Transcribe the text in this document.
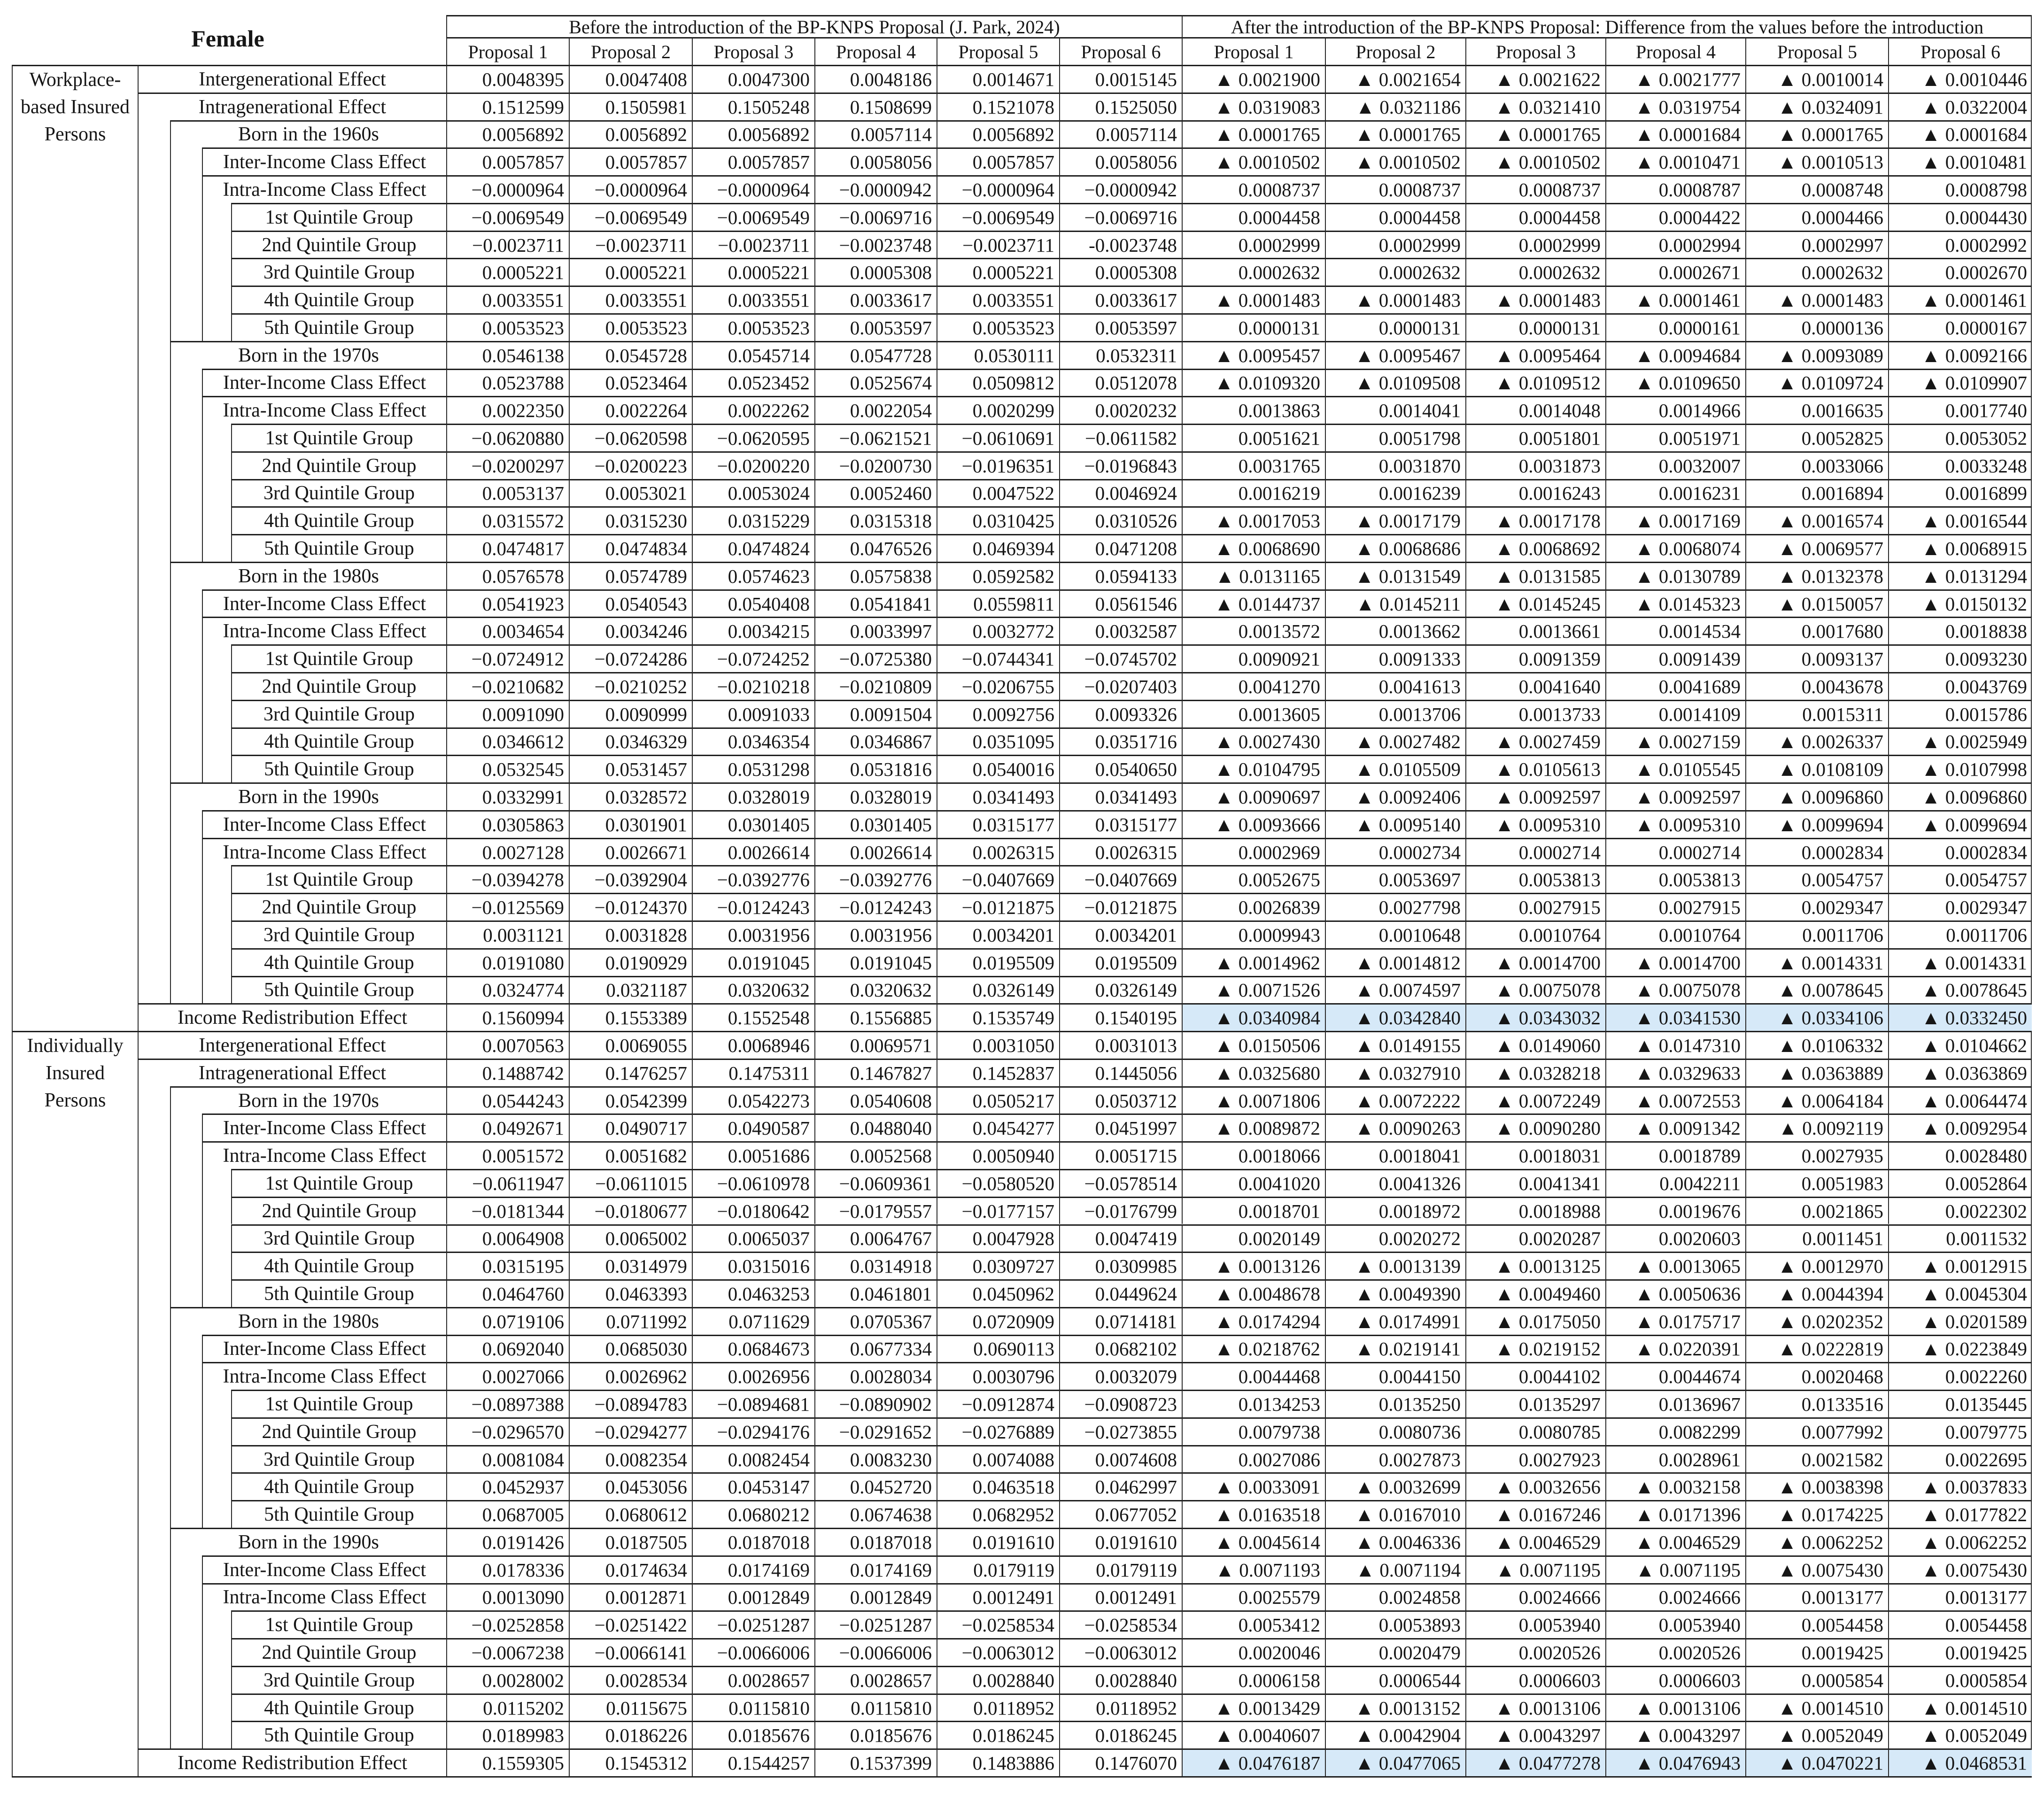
Female	Before the introduction of the BP-KNPS Proposal (J. Park, 2024)	After the introduction of the BP-KNPS Proposal: Difference from the values before the introduction
Proposal 1	Proposal 2	Proposal 3	Proposal 4	Proposal 5	Proposal 6	Proposal 1	Proposal 2	Proposal 3	Proposal 4	Proposal 5	Proposal 6
Workplace-
based Insured
Persons
Intergenerational Effect	0.0048395	0.0047408	0.0047300	0.0048186	0.0014671	0.0015145	▲ 0.0021900	▲ 0.0021654	▲ 0.0021622	▲ 0.0021777	▲ 0.0010014	▲ 0.0010446
Intragenerational Effect	0.1512599	0.1505981	0.1505248	0.1508699	0.1521078	0.1525050	▲ 0.0319083	▲ 0.0321186	▲ 0.0321410	▲ 0.0319754	▲ 0.0324091	▲ 0.0322004
Born in the 1960s	0.0056892	0.0056892	0.0056892	0.0057114	0.0056892	0.0057114	▲ 0.0001765	▲ 0.0001765	▲ 0.0001765	▲ 0.0001684	▲ 0.0001765	▲ 0.0001684
Inter-Income Class Effect	0.0057857	0.0057857	0.0057857	0.0058056	0.0057857	0.0058056	▲ 0.0010502	▲ 0.0010502	▲ 0.0010502	▲ 0.0010471	▲ 0.0010513	▲ 0.0010481
Intra-Income Class Effect	−0.0000964	−0.0000964	−0.0000964	−0.0000942	−0.0000964	−0.0000942	0.0008737	0.0008737	0.0008737	0.0008787	0.0008748	0.0008798
1st Quintile Group	−0.0069549	−0.0069549	−0.0069549	−0.0069716	−0.0069549	−0.0069716	0.0004458	0.0004458	0.0004458	0.0004422	0.0004466	0.0004430
2nd Quintile Group	−0.0023711	−0.0023711	−0.0023711	−0.0023748	−0.0023711	-0.0023748	0.0002999	0.0002999	0.0002999	0.0002994	0.0002997	0.0002992
3rd Quintile Group	0.0005221	0.0005221	0.0005221	0.0005308	0.0005221	0.0005308	0.0002632	0.0002632	0.0002632	0.0002671	0.0002632	0.0002670
4th Quintile Group	0.0033551	0.0033551	0.0033551	0.0033617	0.0033551	0.0033617	▲ 0.0001483	▲ 0.0001483	▲ 0.0001483	▲ 0.0001461	▲ 0.0001483	▲ 0.0001461
5th Quintile Group	0.0053523	0.0053523	0.0053523	0.0053597	0.0053523	0.0053597	0.0000131	0.0000131	0.0000131	0.0000161	0.0000136	0.0000167
Born in the 1970s	0.0546138	0.0545728	0.0545714	0.0547728	0.0530111	0.0532311	▲ 0.0095457	▲ 0.0095467	▲ 0.0095464	▲ 0.0094684	▲ 0.0093089	▲ 0.0092166
Inter-Income Class Effect	0.0523788	0.0523464	0.0523452	0.0525674	0.0509812	0.0512078	▲ 0.0109320	▲ 0.0109508	▲ 0.0109512	▲ 0.0109650	▲ 0.0109724	▲ 0.0109907
Intra-Income Class Effect	0.0022350	0.0022264	0.0022262	0.0022054	0.0020299	0.0020232	0.0013863	0.0014041	0.0014048	0.0014966	0.0016635	0.0017740
1st Quintile Group	−0.0620880	−0.0620598	−0.0620595	−0.0621521	−0.0610691	−0.0611582	0.0051621	0.0051798	0.0051801	0.0051971	0.0052825	0.0053052
2nd Quintile Group	−0.0200297	−0.0200223	−0.0200220	−0.0200730	−0.0196351	−0.0196843	0.0031765	0.0031870	0.0031873	0.0032007	0.0033066	0.0033248
3rd Quintile Group	0.0053137	0.0053021	0.0053024	0.0052460	0.0047522	0.0046924	0.0016219	0.0016239	0.0016243	0.0016231	0.0016894	0.0016899
4th Quintile Group	0.0315572	0.0315230	0.0315229	0.0315318	0.0310425	0.0310526	▲ 0.0017053	▲ 0.0017179	▲ 0.0017178	▲ 0.0017169	▲ 0.0016574	▲ 0.0016544
5th Quintile Group	0.0474817	0.0474834	0.0474824	0.0476526	0.0469394	0.0471208	▲ 0.0068690	▲ 0.0068686	▲ 0.0068692	▲ 0.0068074	▲ 0.0069577	▲ 0.0068915
Born in the 1980s	0.0576578	0.0574789	0.0574623	0.0575838	0.0592582	0.0594133	▲ 0.0131165	▲ 0.0131549	▲ 0.0131585	▲ 0.0130789	▲ 0.0132378	▲ 0.0131294
Inter-Income Class Effect	0.0541923	0.0540543	0.0540408	0.0541841	0.0559811	0.0561546	▲ 0.0144737	▲ 0.0145211	▲ 0.0145245	▲ 0.0145323	▲ 0.0150057	▲ 0.0150132
Intra-Income Class Effect	0.0034654	0.0034246	0.0034215	0.0033997	0.0032772	0.0032587	0.0013572	0.0013662	0.0013661	0.0014534	0.0017680	0.0018838
1st Quintile Group	−0.0724912	−0.0724286	−0.0724252	−0.0725380	−0.0744341	−0.0745702	0.0090921	0.0091333	0.0091359	0.0091439	0.0093137	0.0093230
2nd Quintile Group	−0.0210682	−0.0210252	−0.0210218	−0.0210809	−0.0206755	−0.0207403	0.0041270	0.0041613	0.0041640	0.0041689	0.0043678	0.0043769
3rd Quintile Group	0.0091090	0.0090999	0.0091033	0.0091504	0.0092756	0.0093326	0.0013605	0.0013706	0.0013733	0.0014109	0.0015311	0.0015786
4th Quintile Group	0.0346612	0.0346329	0.0346354	0.0346867	0.0351095	0.0351716	▲ 0.0027430	▲ 0.0027482	▲ 0.0027459	▲ 0.0027159	▲ 0.0026337	▲ 0.0025949
5th Quintile Group	0.0532545	0.0531457	0.0531298	0.0531816	0.0540016	0.0540650	▲ 0.0104795	▲ 0.0105509	▲ 0.0105613	▲ 0.0105545	▲ 0.0108109	▲ 0.0107998
Born in the 1990s	0.0332991	0.0328572	0.0328019	0.0328019	0.0341493	0.0341493	▲ 0.0090697	▲ 0.0092406	▲ 0.0092597	▲ 0.0092597	▲ 0.0096860	▲ 0.0096860
Inter-Income Class Effect	0.0305863	0.0301901	0.0301405	0.0301405	0.0315177	0.0315177	▲ 0.0093666	▲ 0.0095140	▲ 0.0095310	▲ 0.0095310	▲ 0.0099694	▲ 0.0099694
Intra-Income Class Effect	0.0027128	0.0026671	0.0026614	0.0026614	0.0026315	0.0026315	0.0002969	0.0002734	0.0002714	0.0002714	0.0002834	0.0002834
1st Quintile Group	−0.0394278	−0.0392904	−0.0392776	−0.0392776	−0.0407669	−0.0407669	0.0052675	0.0053697	0.0053813	0.0053813	0.0054757	0.0054757
2nd Quintile Group	−0.0125569	−0.0124370	−0.0124243	−0.0124243	−0.0121875	−0.0121875	0.0026839	0.0027798	0.0027915	0.0027915	0.0029347	0.0029347
3rd Quintile Group	0.0031121	0.0031828	0.0031956	0.0031956	0.0034201	0.0034201	0.0009943	0.0010648	0.0010764	0.0010764	0.0011706	0.0011706
4th Quintile Group	0.0191080	0.0190929	0.0191045	0.0191045	0.0195509	0.0195509	▲ 0.0014962	▲ 0.0014812	▲ 0.0014700	▲ 0.0014700	▲ 0.0014331	▲ 0.0014331
5th Quintile Group	0.0324774	0.0321187	0.0320632	0.0320632	0.0326149	0.0326149	▲ 0.0071526	▲ 0.0074597	▲ 0.0075078	▲ 0.0075078	▲ 0.0078645	▲ 0.0078645
Income Redistribution Effect	0.1560994	0.1553389	0.1552548	0.1556885	0.1535749	0.1540195	▲ 0.0340984	▲ 0.0342840	▲ 0.0343032	▲ 0.0341530	▲ 0.0334106	▲ 0.0332450
Individually
Insured
Persons
Intergenerational Effect	0.0070563	0.0069055	0.0068946	0.0069571	0.0031050	0.0031013	▲ 0.0150506	▲ 0.0149155	▲ 0.0149060	▲ 0.0147310	▲ 0.0106332	▲ 0.0104662
Intragenerational Effect	0.1488742	0.1476257	0.1475311	0.1467827	0.1452837	0.1445056	▲ 0.0325680	▲ 0.0327910	▲ 0.0328218	▲ 0.0329633	▲ 0.0363889	▲ 0.0363869
Born in the 1970s	0.0544243	0.0542399	0.0542273	0.0540608	0.0505217	0.0503712	▲ 0.0071806	▲ 0.0072222	▲ 0.0072249	▲ 0.0072553	▲ 0.0064184	▲ 0.0064474
Inter-Income Class Effect	0.0492671	0.0490717	0.0490587	0.0488040	0.0454277	0.0451997	▲ 0.0089872	▲ 0.0090263	▲ 0.0090280	▲ 0.0091342	▲ 0.0092119	▲ 0.0092954
Intra-Income Class Effect	0.0051572	0.0051682	0.0051686	0.0052568	0.0050940	0.0051715	0.0018066	0.0018041	0.0018031	0.0018789	0.0027935	0.0028480
1st Quintile Group	−0.0611947	−0.0611015	−0.0610978	−0.0609361	−0.0580520	−0.0578514	0.0041020	0.0041326	0.0041341	0.0042211	0.0051983	0.0052864
2nd Quintile Group	−0.0181344	−0.0180677	−0.0180642	−0.0179557	−0.0177157	−0.0176799	0.0018701	0.0018972	0.0018988	0.0019676	0.0021865	0.0022302
3rd Quintile Group	0.0064908	0.0065002	0.0065037	0.0064767	0.0047928	0.0047419	0.0020149	0.0020272	0.0020287	0.0020603	0.0011451	0.0011532
4th Quintile Group	0.0315195	0.0314979	0.0315016	0.0314918	0.0309727	0.0309985	▲ 0.0013126	▲ 0.0013139	▲ 0.0013125	▲ 0.0013065	▲ 0.0012970	▲ 0.0012915
5th Quintile Group	0.0464760	0.0463393	0.0463253	0.0461801	0.0450962	0.0449624	▲ 0.0048678	▲ 0.0049390	▲ 0.0049460	▲ 0.0050636	▲ 0.0044394	▲ 0.0045304
Born in the 1980s	0.0719106	0.0711992	0.0711629	0.0705367	0.0720909	0.0714181	▲ 0.0174294	▲ 0.0174991	▲ 0.0175050	▲ 0.0175717	▲ 0.0202352	▲ 0.0201589
Inter-Income Class Effect	0.0692040	0.0685030	0.0684673	0.0677334	0.0690113	0.0682102	▲ 0.0218762	▲ 0.0219141	▲ 0.0219152	▲ 0.0220391	▲ 0.0222819	▲ 0.0223849
Intra-Income Class Effect	0.0027066	0.0026962	0.0026956	0.0028034	0.0030796	0.0032079	0.0044468	0.0044150	0.0044102	0.0044674	0.0020468	0.0022260
1st Quintile Group	−0.0897388	−0.0894783	−0.0894681	−0.0890902	−0.0912874	−0.0908723	0.0134253	0.0135250	0.0135297	0.0136967	0.0133516	0.0135445
2nd Quintile Group	−0.0296570	−0.0294277	−0.0294176	−0.0291652	−0.0276889	−0.0273855	0.0079738	0.0080736	0.0080785	0.0082299	0.0077992	0.0079775
3rd Quintile Group	0.0081084	0.0082354	0.0082454	0.0083230	0.0074088	0.0074608	0.0027086	0.0027873	0.0027923	0.0028961	0.0021582	0.0022695
4th Quintile Group	0.0452937	0.0453056	0.0453147	0.0452720	0.0463518	0.0462997	▲ 0.0033091	▲ 0.0032699	▲ 0.0032656	▲ 0.0032158	▲ 0.0038398	▲ 0.0037833
5th Quintile Group	0.0687005	0.0680612	0.0680212	0.0674638	0.0682952	0.0677052	▲ 0.0163518	▲ 0.0167010	▲ 0.0167246	▲ 0.0171396	▲ 0.0174225	▲ 0.0177822
Born in the 1990s	0.0191426	0.0187505	0.0187018	0.0187018	0.0191610	0.0191610	▲ 0.0045614	▲ 0.0046336	▲ 0.0046529	▲ 0.0046529	▲ 0.0062252	▲ 0.0062252
Inter-Income Class Effect	0.0178336	0.0174634	0.0174169	0.0174169	0.0179119	0.0179119	▲ 0.0071193	▲ 0.0071194	▲ 0.0071195	▲ 0.0071195	▲ 0.0075430	▲ 0.0075430
Intra-Income Class Effect	0.0013090	0.0012871	0.0012849	0.0012849	0.0012491	0.0012491	0.0025579	0.0024858	0.0024666	0.0024666	0.0013177	0.0013177
1st Quintile Group	−0.0252858	−0.0251422	−0.0251287	−0.0251287	−0.0258534	−0.0258534	0.0053412	0.0053893	0.0053940	0.0053940	0.0054458	0.0054458
2nd Quintile Group	−0.0067238	−0.0066141	−0.0066006	−0.0066006	−0.0063012	−0.0063012	0.0020046	0.0020479	0.0020526	0.0020526	0.0019425	0.0019425
3rd Quintile Group	0.0028002	0.0028534	0.0028657	0.0028657	0.0028840	0.0028840	0.0006158	0.0006544	0.0006603	0.0006603	0.0005854	0.0005854
4th Quintile Group	0.0115202	0.0115675	0.0115810	0.0115810	0.0118952	0.0118952	▲ 0.0013429	▲ 0.0013152	▲ 0.0013106	▲ 0.0013106	▲ 0.0014510	▲ 0.0014510
5th Quintile Group	0.0189983	0.0186226	0.0185676	0.0185676	0.0186245	0.0186245	▲ 0.0040607	▲ 0.0042904	▲ 0.0043297	▲ 0.0043297	▲ 0.0052049	▲ 0.0052049
Income Redistribution Effect	0.1559305	0.1545312	0.1544257	0.1537399	0.1483886	0.1476070	▲ 0.0476187	▲ 0.0477065	▲ 0.0477278	▲ 0.0476943	▲ 0.0470221	▲ 0.0468531
